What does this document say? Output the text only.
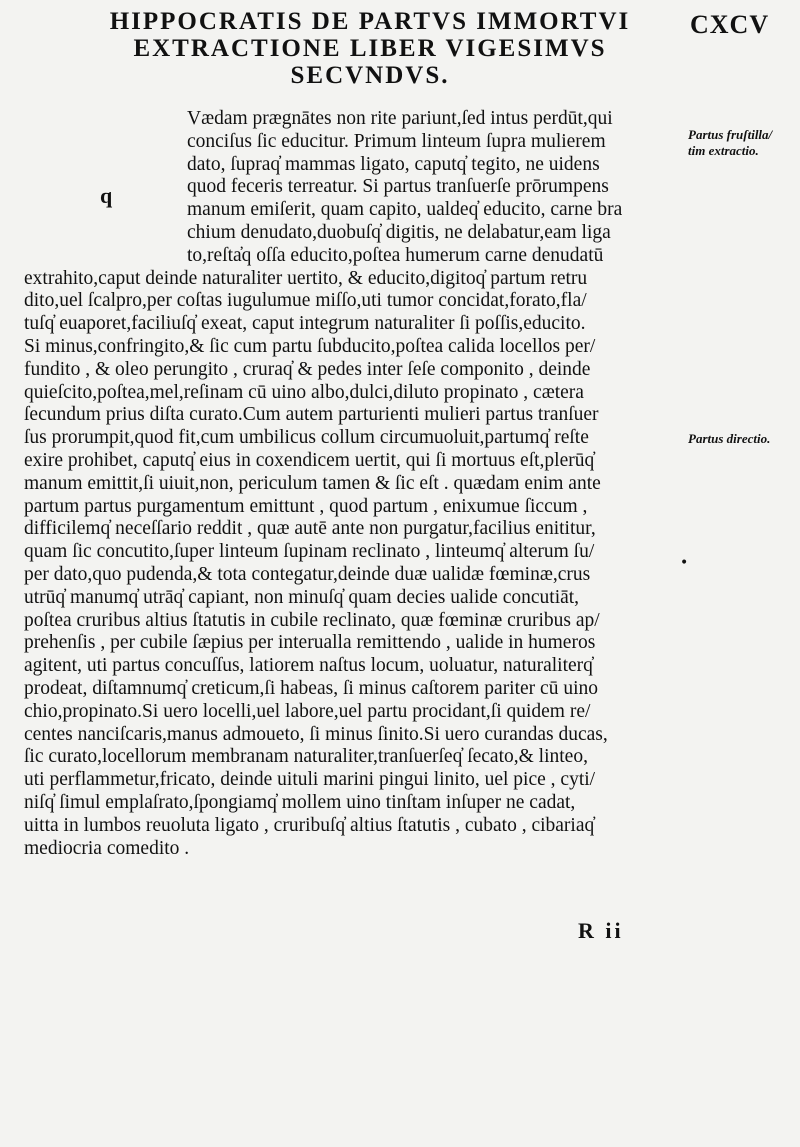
HIPPOCRATIS DE PARTVS IMMORTVI
EXTRACTIONE LIBER VIGESIMVS
SECVNDVS.
CXCV
q
Vædam prægnātes non rite pariunt,ſed intus perdūt,qui
conciſus ſic educitur. Primum linteum ſupra mulierem
dato, ſupraq̓ mammas ligato, caputq̓ tegito, ne uidens
quod feceris terreatur. Si partus tranſuerſe prōrumpens
manum emiſerit, quam capito, ualdeq̓ educito, carne bra
chium denudato,duobuſq̓ digitis, ne delabatur,eam liga
to,reſta̓q oſſa educito,poſtea humerum carne denudatū
extrahito,caput deinde naturaliter uertito, & educito,digitoq̓ partum retru
dito,uel ſcalpro,per coſtas iugulumue miſſo,uti tumor concidat,forato,fla/
tuſq̓ euaporet,faciliuſq̓ exeat, caput integrum naturaliter ſi poſſis,educito.
Si minus,confringito,& ſic cum partu ſubducito,poſtea calida locellos per/
fundito , & oleo perungito , cruraq̓ & pedes inter ſeſe componito , deinde
quieſcito,poſtea,mel,reſinam cū uino albo,dulci,diluto propinato , cætera
ſecundum prius diſta curato.Cum autem parturienti mulieri partus tranſuer
ſus prorumpit,quod fit,cum umbilicus collum circumuoluit,partumq̓ reſte
exire prohibet, caputq̓ eius in coxendicem uertit, qui ſi mortuus eſt,plerūq̓
manum emittit,ſi uiuit,non, periculum tamen & ſic eſt . quædam enim ante
partum partus purgamentum emittunt , quod partum , enixumue ſiccum ,
difficilemq̓ neceſſario reddit , quæ autē ante non purgatur,facilius enititur,
quam ſic concutito,ſuper linteum ſupinam reclinato , linteumq̓ alterum ſu/
per dato,quo pudenda,& tota contegatur,deinde duæ ualidæ fœminæ,crus
utrūq̓ manumq̓ utrāq̓ capiant, non minuſq̓ quam decies ualide concutiāt,
poſtea cruribus altius ſtatutis in cubile reclinato, quæ fœminæ cruribus ap/
prehenſis , per cubile ſæpius per interualla remittendo , ualide in humeros
agitent, uti partus concuſſus, latiorem naſtus locum, uoluatur, naturaliterq̓
prodeat, diſtamnumq̓ creticum,ſi habeas, ſi minus caſtorem pariter cū uino
chio,propinato.Si uero locelli,uel labore,uel partu procidant,ſi quidem re/
centes nanciſcaris,manus admoueto, ſi minus ſinito.Si uero curandas ducas,
ſic curato,locellorum membranam naturaliter,tranſuerſeq̓ ſecato,& linteo,
uti perflammetur,fricato, deinde uituli marini pingui linito, uel pice , cyti/
niſq̓ ſimul emplaſrato,ſpongiamq̓ mollem uino tinſtam inſuper ne cadat,
uitta in lumbos reuoluta ligato , cruribuſq̓ altius ſtatutis , cubato , cibariaq̓
mediocria comedito .
Partus fruſtilla/
tim extractio.
Partus directio.
•
R ii
